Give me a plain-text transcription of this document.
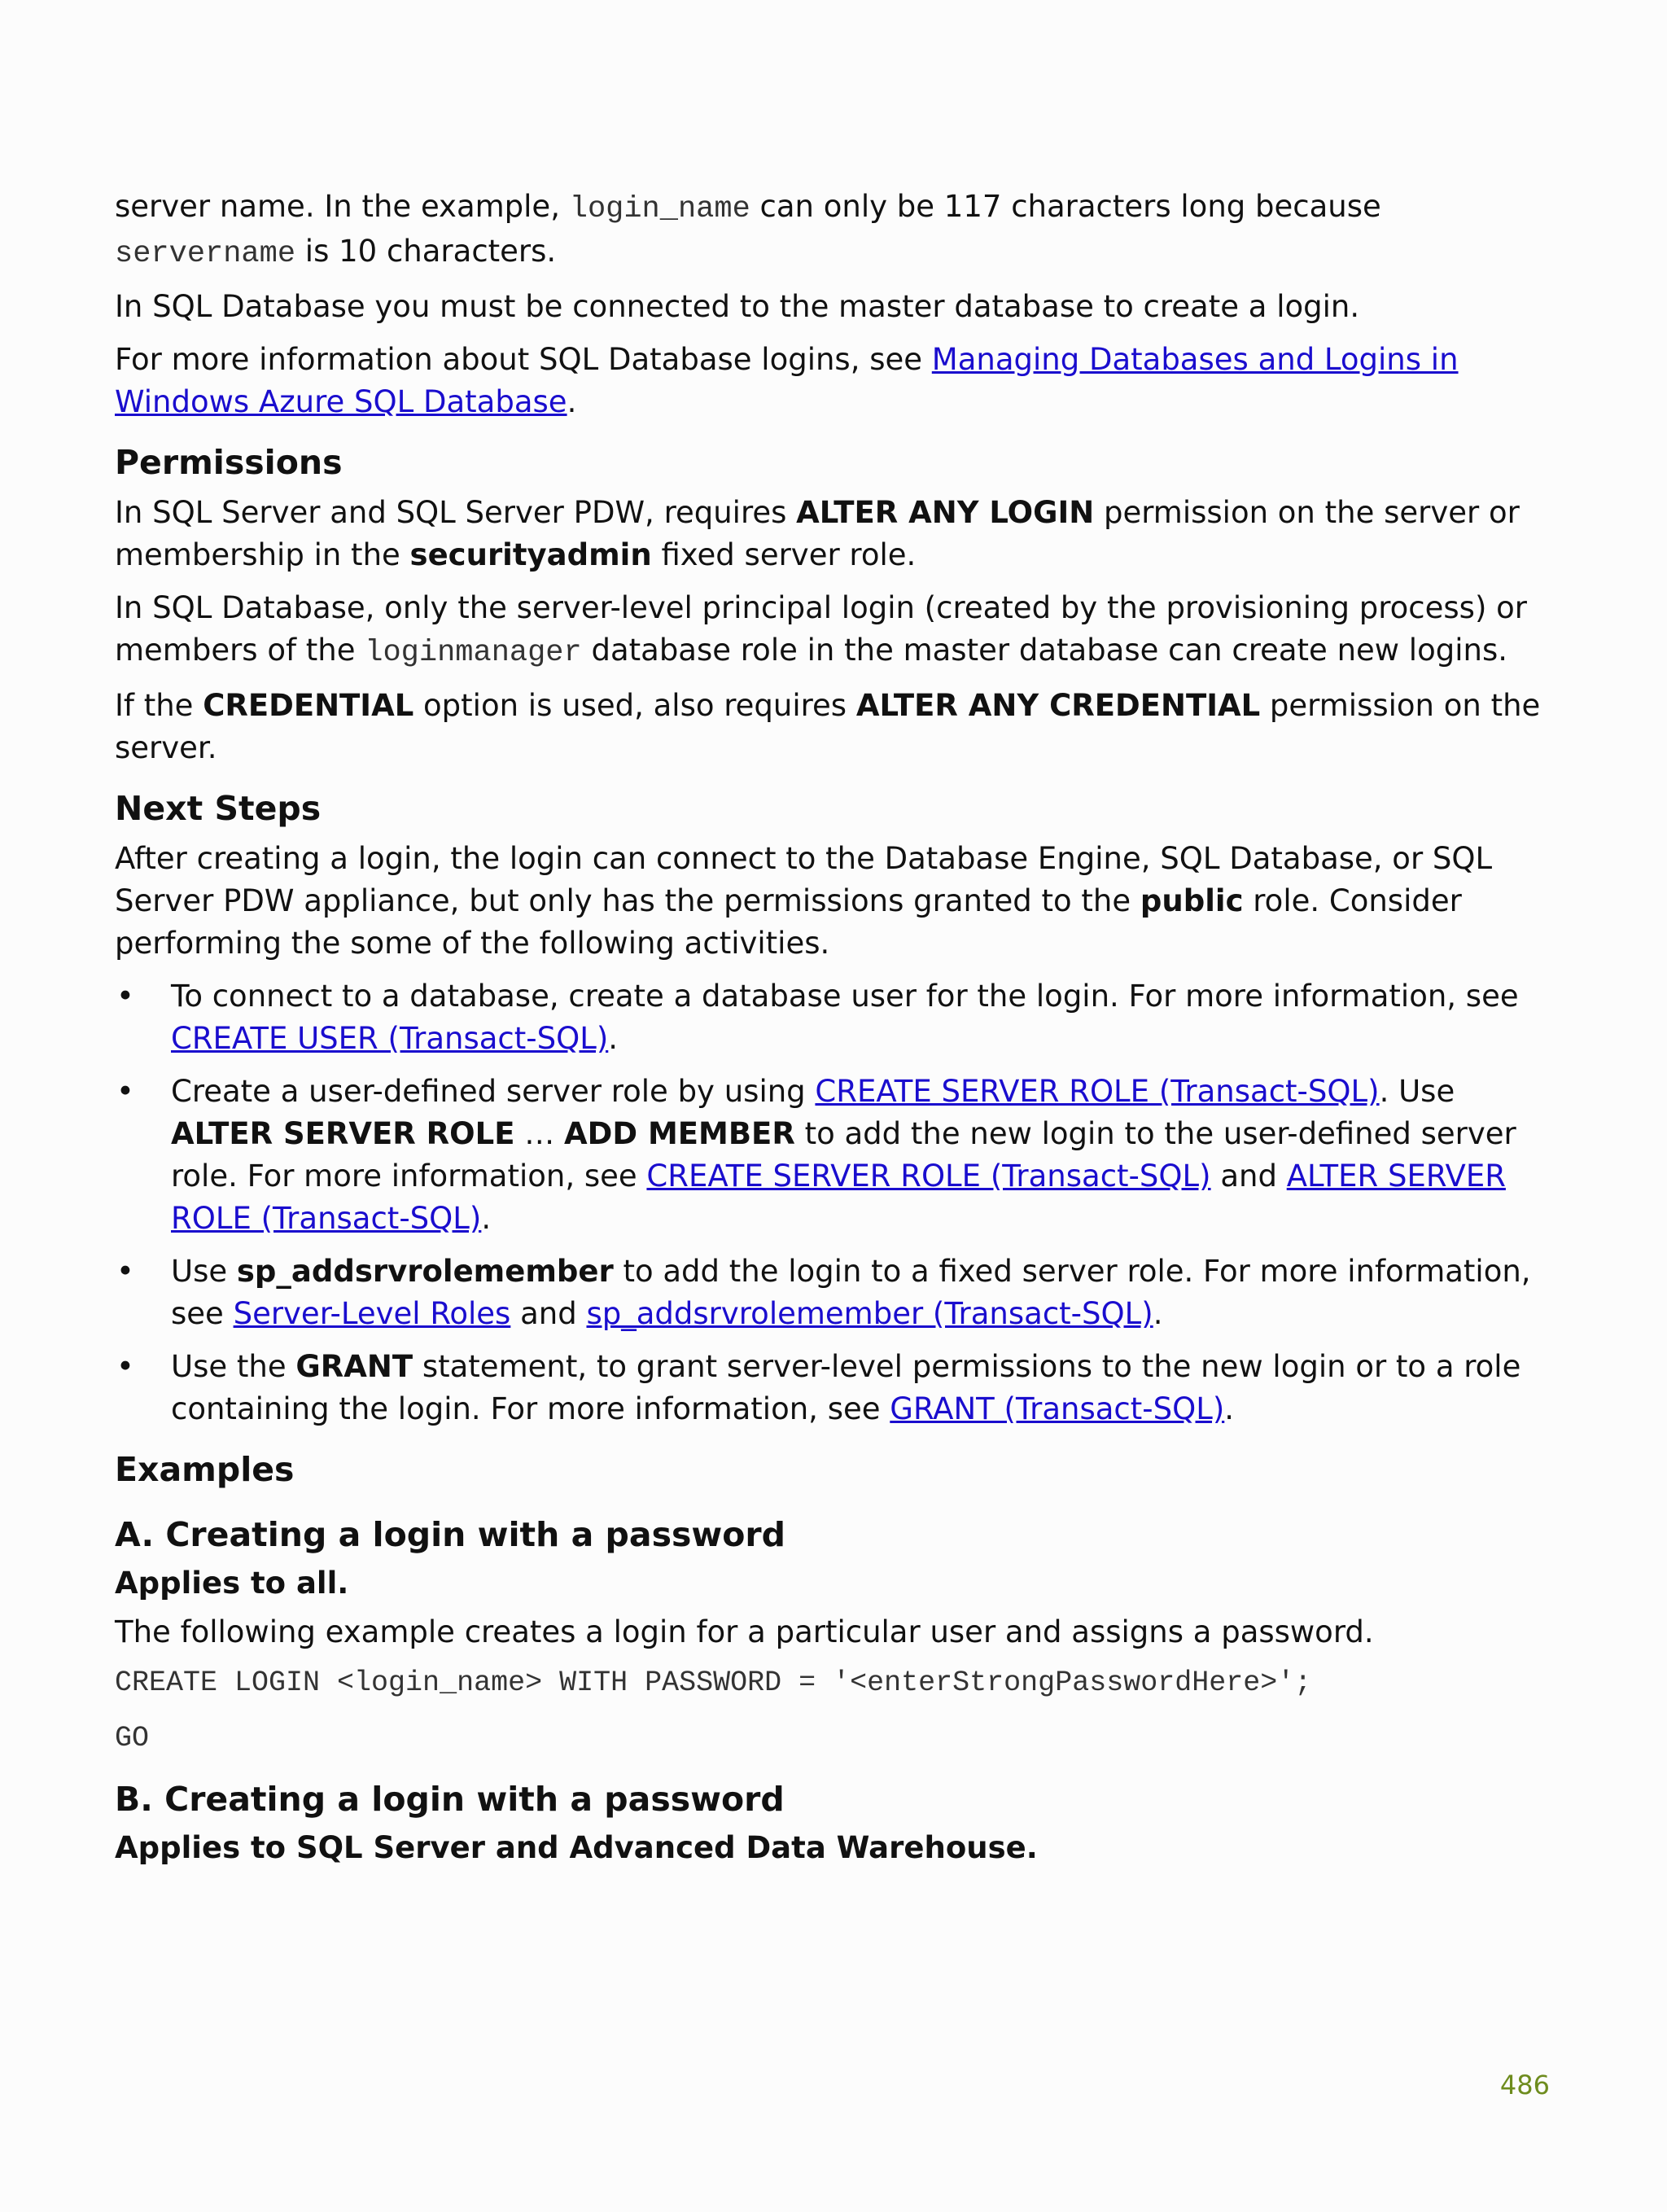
server name. In the example, login_name can only be 117 characters long because servername is 10 characters.

In SQL Database you must be connected to the master database to create a login.

For more information about SQL Database logins, see Managing Databases and Logins in Windows Azure SQL Database.

Permissions

In SQL Server and SQL Server PDW, requires ALTER ANY LOGIN permission on the server or membership in the securityadmin fixed server role.

In SQL Database, only the server-level principal login (created by the provisioning process) or members of the loginmanager database role in the master database can create new logins.

If the CREDENTIAL option is used, also requires ALTER ANY CREDENTIAL permission on the server.

Next Steps

After creating a login, the login can connect to the Database Engine, SQL Database, or SQL Server PDW appliance, but only has the permissions granted to the public role. Consider performing the some of the following activities.

• To connect to a database, create a database user for the login. For more information, see CREATE USER (Transact-SQL).
• Create a user-defined server role by using CREATE SERVER ROLE (Transact-SQL). Use ALTER SERVER ROLE … ADD MEMBER to add the new login to the user-defined server role. For more information, see CREATE SERVER ROLE (Transact-SQL) and ALTER SERVER ROLE (Transact-SQL).
• Use sp_addsrvrolemember to add the login to a fixed server role. For more information, see Server-Level Roles and sp_addsrvrolemember (Transact-SQL).
• Use the GRANT statement, to grant server-level permissions to the new login or to a role containing the login. For more information, see GRANT (Transact-SQL).
Examples
A. Creating a login with a password
Applies to all.

The following example creates a login for a particular user and assigns a password.

CREATE LOGIN <login_name> WITH PASSWORD = '<enterStrongPasswordHere>';
GO
B. Creating a login with a password
Applies to SQL Server and Advanced Data Warehouse.
486
